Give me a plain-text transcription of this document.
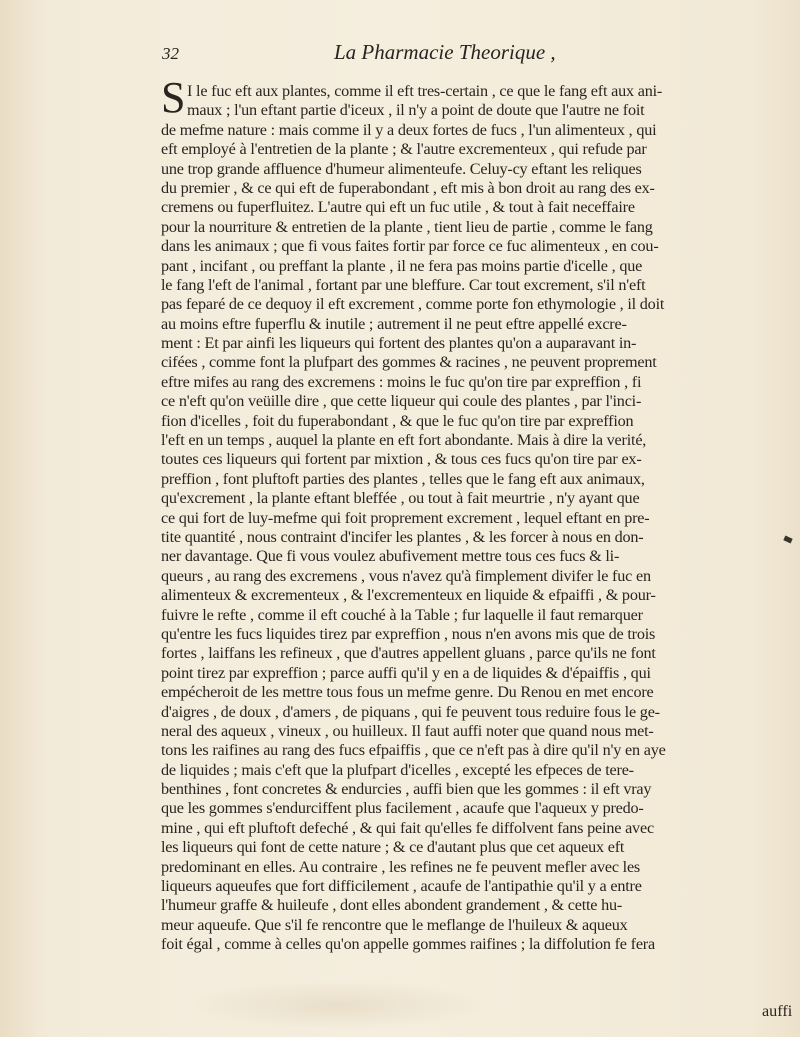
32	La Pharmacie Theorique ,
S I le fuc eft aux plantes, comme il eft tres-certain , ce que le fang eft aux ani-
maux ; l'un eftant partie d'iceux , il n'y a point de doute que l'autre ne foit
de mefme nature : mais comme il y a deux fortes de fucs , l'un alimenteux , qui
eft employé à l'entretien de la plante ; & l'autre excrementeux , qui refude par
une trop grande affluence d'humeur alimenteufe. Celuy-cy eftant les reliques
du premier , & ce qui eft de fuperabondant , eft mis à bon droit au rang des ex-
cremens ou fuperfluitez. L'autre qui eft un fuc utile , & tout à fait neceffaire
pour la nourriture & entretien de la plante , tient lieu de partie , comme le fang
dans les animaux ; que fi vous faites fortir par force ce fuc alimenteux , en cou-
pant , incifant , ou preffant la plante , il ne fera pas moins partie d'icelle , que
le fang l'eft de l'animal , fortant par une bleffure. Car tout excrement, s'il n'eft
pas feparé de ce dequoy il eft excrement , comme porte fon ethymologie , il doit
au moins eftre fuperflu & inutile ; autrement il ne peut eftre appellé excre-
ment : Et par ainfi les liqueurs qui fortent des plantes qu'on a auparavant in-
cifées , comme font la plufpart des gommes & racines , ne peuvent proprement
eftre mifes au rang des excremens : moins le fuc qu'on tire par expreffion , fi
ce n'eft qu'on veüille dire , que cette liqueur qui coule des plantes , par l'inci-
fion d'icelles , foit du fuperabondant , & que le fuc qu'on tire par expreffion
l'eft en un temps , auquel la plante en eft fort abondante. Mais à dire la verité,
toutes ces liqueurs qui fortent par mixtion , & tous ces fucs qu'on tire par ex-
preffion , font pluftoft parties des plantes , telles que le fang eft aux animaux,
qu'excrement , la plante eftant bleffée , ou tout à fait meurtrie , n'y ayant que
ce qui fort de luy-mefme qui foit proprement excrement , lequel eftant en pre-
tite quantité , nous contraint d'incifer les plantes , & les forcer à nous en don-
ner davantage. Que fi vous voulez abufivement mettre tous ces fucs & li-
queurs , au rang des excremens , vous n'avez qu'à fimplement divifer le fuc en
alimenteux & excrementeux , & l'excrementeux en liquide & efpaiffi , & pour-
fuivre le refte , comme il eft couché à la Table ; fur laquelle il faut remarquer
qu'entre les fucs liquides tirez par expreffion , nous n'en avons mis que de trois
fortes , laiffans les refineux , que d'autres appellent gluans , parce qu'ils ne font
point tirez par expreffion ; parce auffi qu'il y en a de liquides & d'épaiffis , qui
empécheroit de les mettre tous fous un mefme genre. Du Renou en met encore
d'aigres , de doux , d'amers , de piquans , qui fe peuvent tous reduire fous le ge-
neral des aqueux , vineux , ou huilleux. Il faut auffi noter que quand nous met-
tons les raifines au rang des fucs efpaiffis , que ce n'eft pas à dire qu'il n'y en aye
de liquides ; mais c'eft que la plufpart d'icelles , excepté les efpeces de tere-
benthines , font concretes & endurcies , auffi bien que les gommes : il eft vray
que les gommes s'endurciffent plus facilement , acaufe que l'aqueux y predo-
mine , qui eft pluftoft defeché , & qui fait qu'elles fe diffolvent fans peine avec
les liqueurs qui font de cette nature ; & ce d'autant plus que cet aqueux eft
predominant en elles. Au contraire , les refines ne fe peuvent mefler avec les
liqueurs aqueufes que fort difficilement , acaufe de l'antipathie qu'il y a entre
l'humeur graffe & huileufe , dont elles abondent grandement , & cette hu-
meur aqueufe. Que s'il fe rencontre que le meflange de l'huileux & aqueux
foit égal , comme à celles qu'on appelle gommes raifines ; la diffolution fe fera
auffi
